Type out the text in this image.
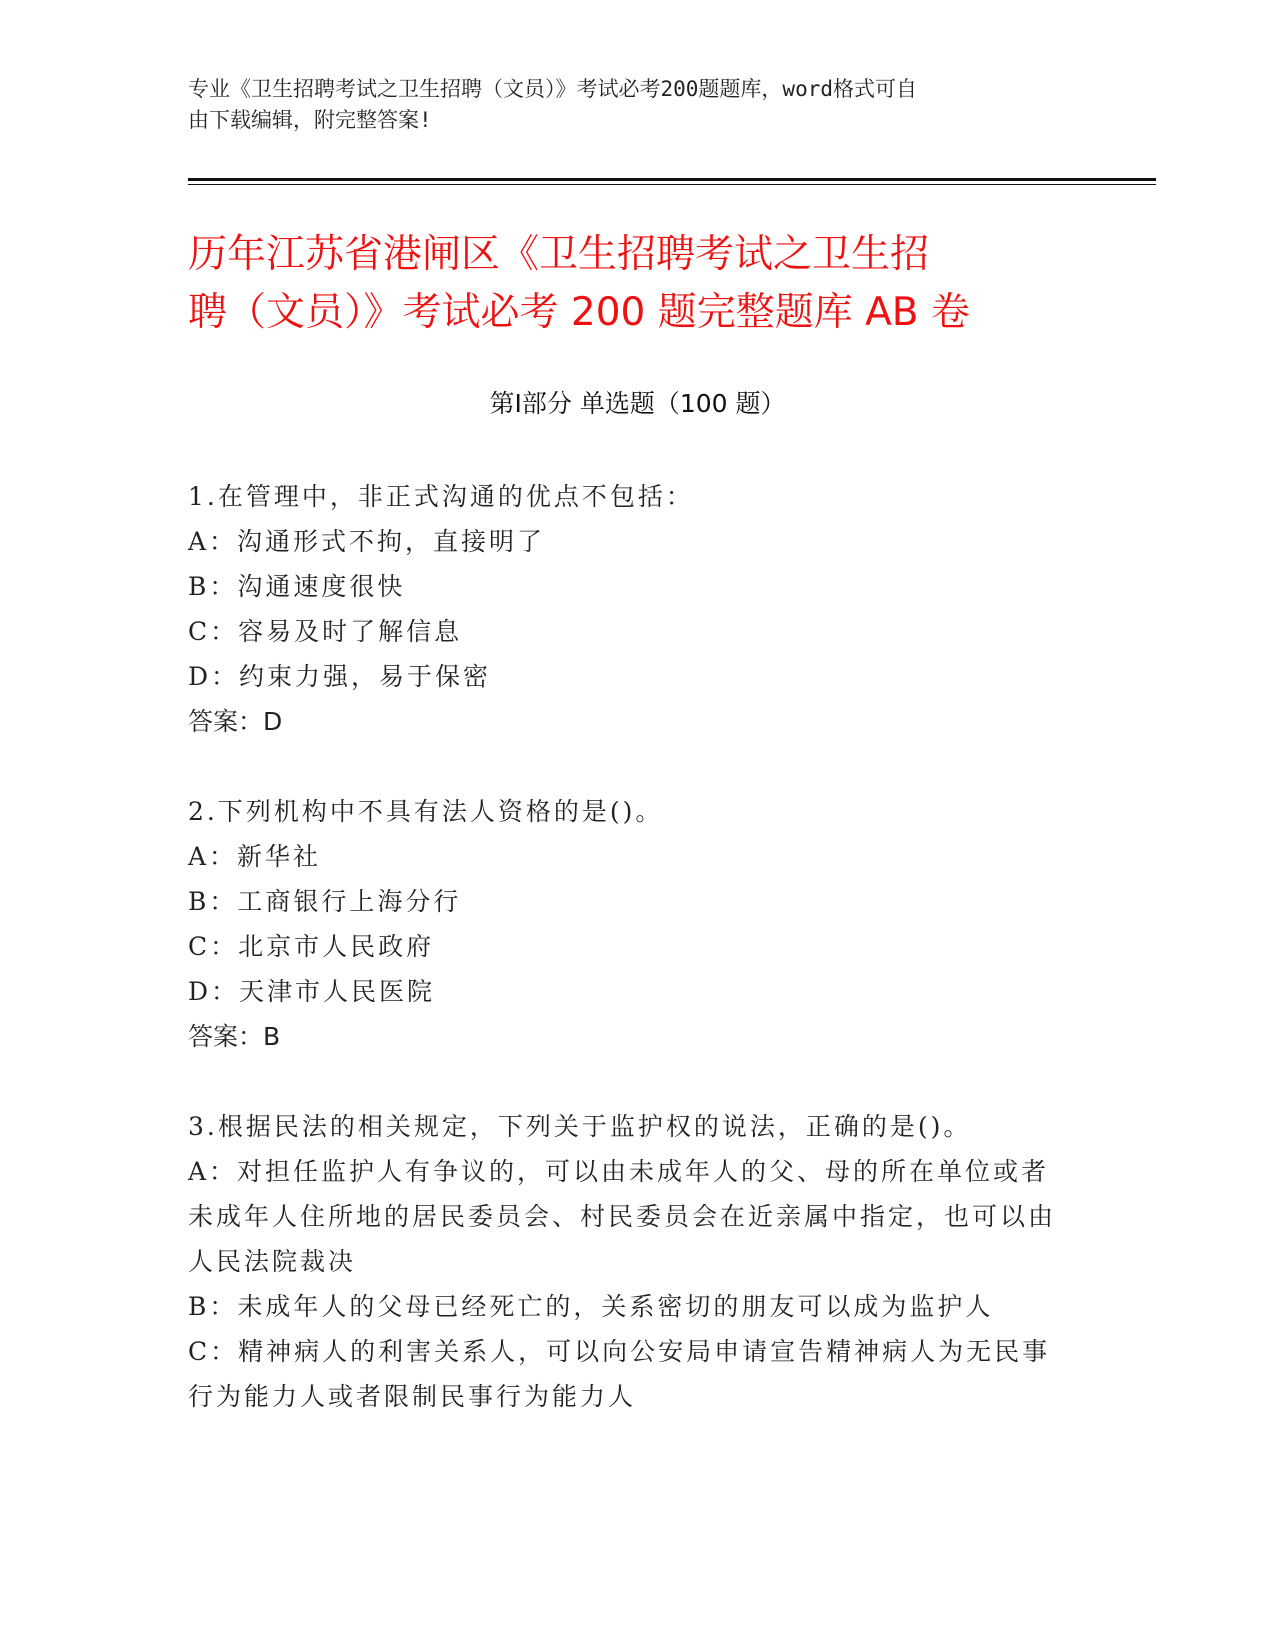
专业《卫生招聘考试之卫生招聘（文员）》考试必考200题题库，word格式可自
由下载编辑，附完整答案!
历年江苏省港闸区《卫生招聘考试之卫生招
聘（文员）》考试必考 200 题完整题库 AB 卷
第Ⅰ部分 单选题（100 题）
1.在管理中，非正式沟通的优点不包括：
A：沟通形式不拘，直接明了
B：沟通速度很快
C：容易及时了解信息
D：约束力强，易于保密
答案：D
2.下列机构中不具有法人资格的是()。
A：新华社
B：工商银行上海分行
C：北京市人民政府
D：天津市人民医院
答案：B
3.根据民法的相关规定，下列关于监护权的说法，正确的是()。
A：对担任监护人有争议的，可以由未成年人的父、母的所在单位或者未成年人住所地的居民委员会、村民委员会在近亲属中指定，也可以由人民法院裁决
B：未成年人的父母已经死亡的，关系密切的朋友可以成为监护人
C：精神病人的利害关系人，可以向公安局申请宣告精神病人为无民事行为能力人或者限制民事行为能力人
